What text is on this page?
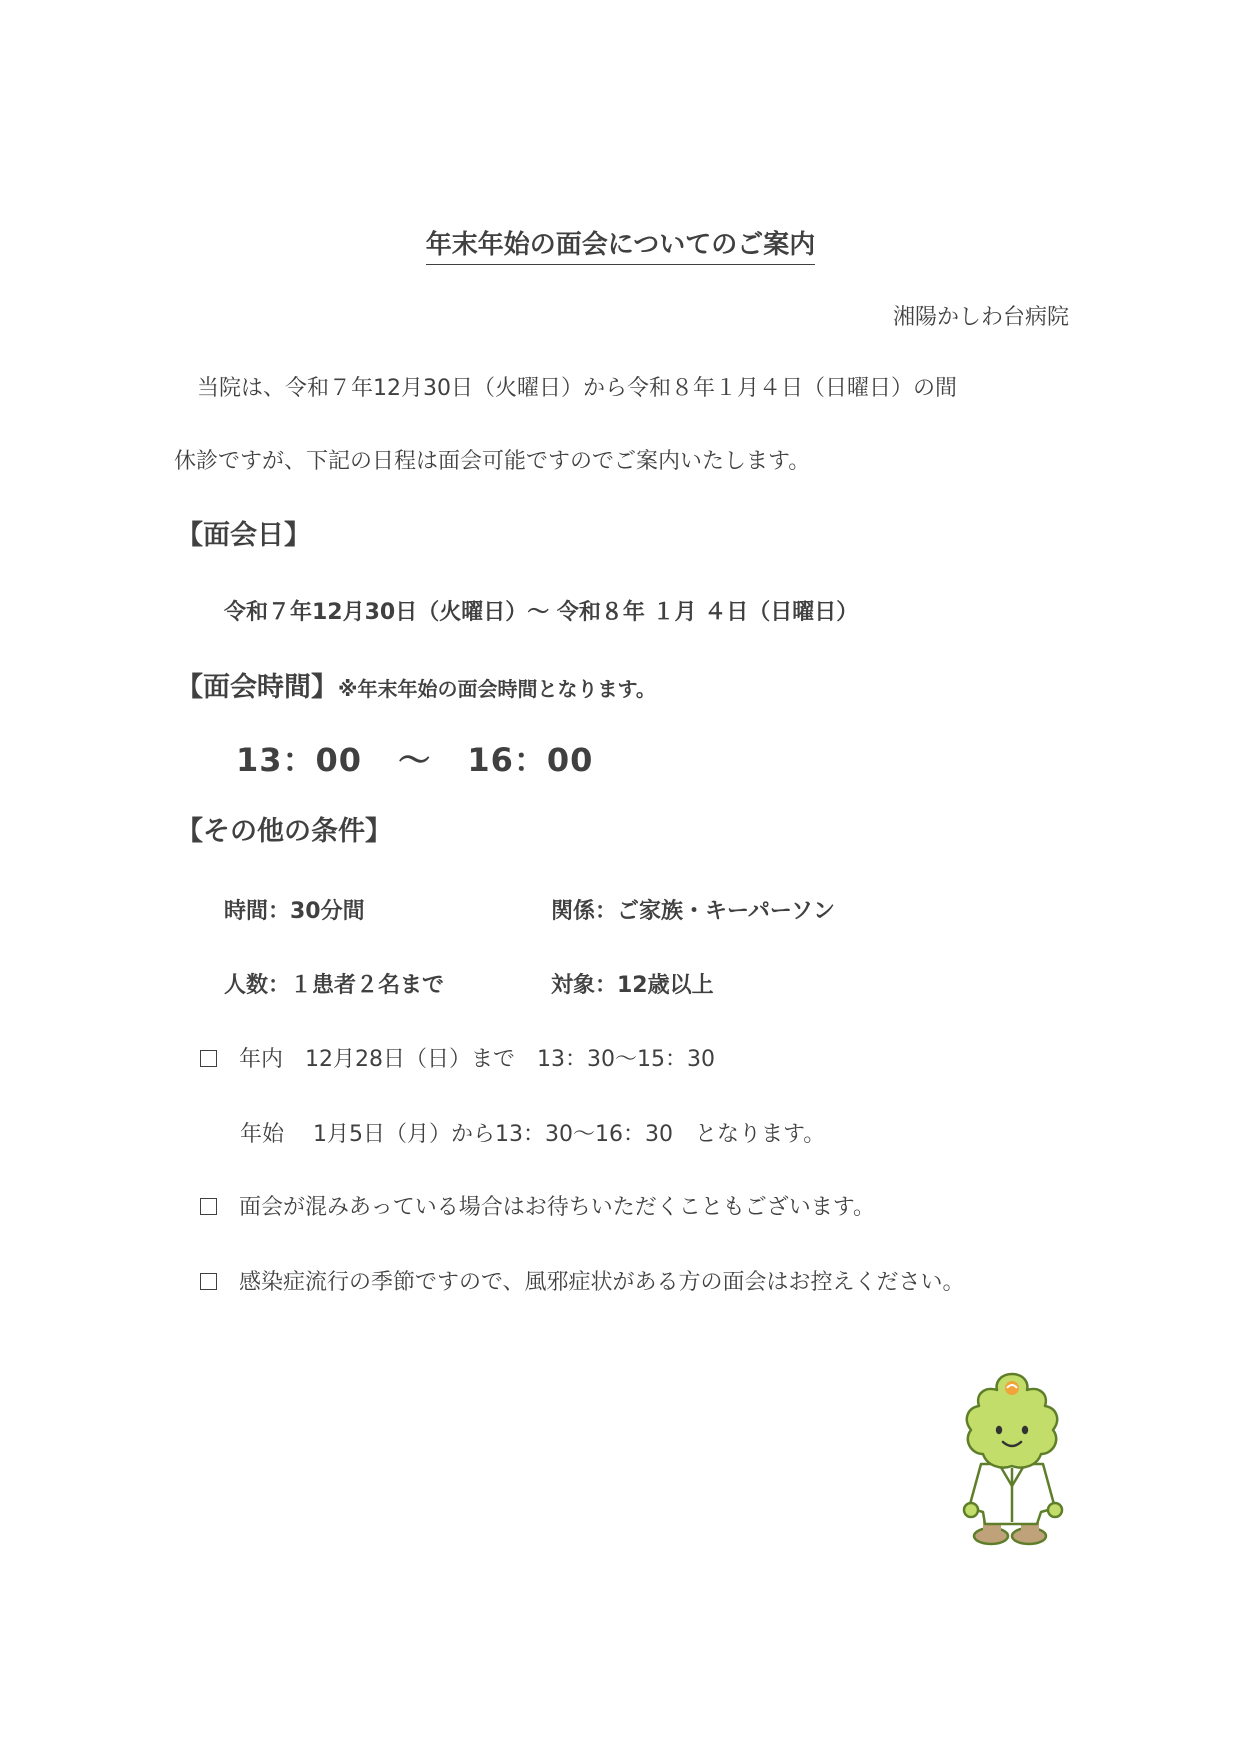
年末年始の面会についてのご案内
湘陽かしわ台病院
当院は、令和７年12月30日（火曜日）から令和８年１月４日（日曜日）の間
休診ですが、下記の日程は面会可能ですのでご案内いたします。
【面会日】
令和７年12月30日（火曜日）～ 令和８年 １月 ４日（日曜日）
【面会時間】※年末年始の面会時間となります。
13：00 ～ 16：00
【その他の条件】
時間：30分間	関係：ご家族・キーパーソン
人数：１患者２名まで	対象：12歳以上
年内　12月28日（日）まで　13：30～15：30
年始　 1月5日（月）から13：30～16：30　となります。
面会が混みあっている場合はお待ちいただくこともございます。
感染症流行の季節ですので、風邪症状がある方の面会はお控えください。
